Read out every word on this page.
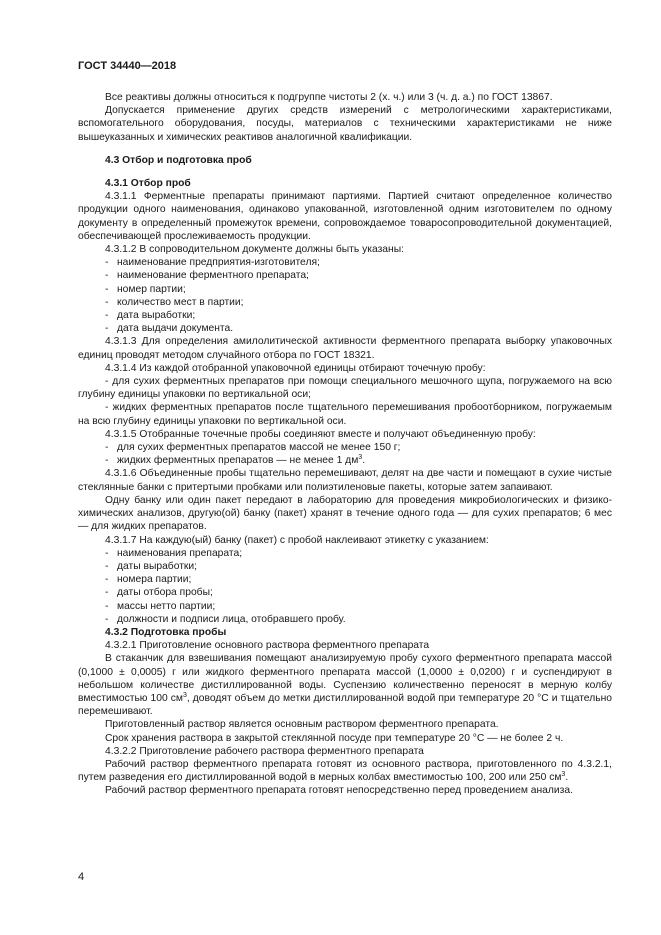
ГОСТ 34440—2018

Все реактивы должны относиться к подгруппе чистоты 2 (х. ч.) или 3 (ч. д. а.) по ГОСТ 13867.

Допускается применение других средств измерений с метрологическими характеристиками, вспомогательного оборудования, посуды, материалов с техническими характеристиками не ниже вышеуказанных и химических реактивов аналогичной квалификации.

4.3 Отбор и подготовка проб

4.3.1 Отбор проб

4.3.1.1 Ферментные препараты принимают партиями. Партией считают определенное количество продукции одного наименования, одинаково упакованной, изготовленной одним изготовителем по одному документу в определенный промежуток времени, сопровождаемое товаросопроводительной документацией, обеспечивающей прослеживаемость продукции.

4.3.1.2 В сопроводительном документе должны быть указаны:

- наименование предприятия-изготовителя;

- наименование ферментного препарата;

- номер партии;

- количество мест в партии;

- дата выработки;

- дата выдачи документа.

4.3.1.3 Для определения амилолитической активности ферментного препарата выборку упаковочных единиц проводят методом случайного отбора по ГОСТ 18321.

4.3.1.4 Из каждой отобранной упаковочной единицы отбирают точечную пробу:

- для сухих ферментных препаратов при помощи специального мешочного щупа, погружаемого на всю глубину единицы упаковки по вертикальной оси;

- жидких ферментных препаратов после тщательного перемешивания пробоотборником, погружаемым на всю глубину единицы упаковки по вертикальной оси.

4.3.1.5 Отобранные точечные пробы соединяют вместе и получают объединенную пробу:

- для сухих ферментных препаратов массой не менее 150 г;

- жидких ферментных препаратов — не менее 1 $дм^3$.

4.3.1.6 Объединенные пробы тщательно перемешивают, делят на две части и помещают в сухие чистые стеклянные банки с притертыми пробками или полиэтиленовые пакеты, которые затем запаивают.

Одну банку или один пакет передают в лабораторию для проведения микробиологических и физико-химических анализов, другую(ой) банку (пакет) хранят в течение одного года — для сухих препаратов; 6 мес — для жидких препаратов.

4.3.1.7 На каждую(ый) банку (пакет) с пробой наклеивают этикетку с указанием:

- наименования препарата;

- даты выработки;

- номера партии;

- даты отбора пробы;

- массы нетто партии;

- должности и подписи лица, отобравшего пробу.

4.3.2 Подготовка пробы

4.3.2.1 Приготовление основного раствора ферментного препарата

В стаканчик для взвешивания помещают анализируемую пробу сухого ферментного препарата массой (0,1000 ± 0,0005) г или жидкого ферментного препарата массой (1,0000 ± 0,0200) г и суспендируют в небольшом количестве дистиллированной воды. Суспензию количественно переносят в мерную колбу вместимостью 100 $см^3$, доводят объем до метки дистиллированной водой при температуре 20 °С и тщательно перемешивают.

Приготовленный раствор является основным раствором ферментного препарата.

Срок хранения раствора в закрытой стеклянной посуде при температуре 20 °С — не более 2 ч.

4.3.2.2 Приготовление рабочего раствора ферментного препарата

Рабочий раствор ферментного препарата готовят из основного раствора, приготовленного по 4.3.2.1, путем разведения его дистиллированной водой в мерных колбах вместимостью 100, 200 или 250 $см^3$.

Рабочий раствор ферментного препарата готовят непосредственно перед проведением анализа.

4
